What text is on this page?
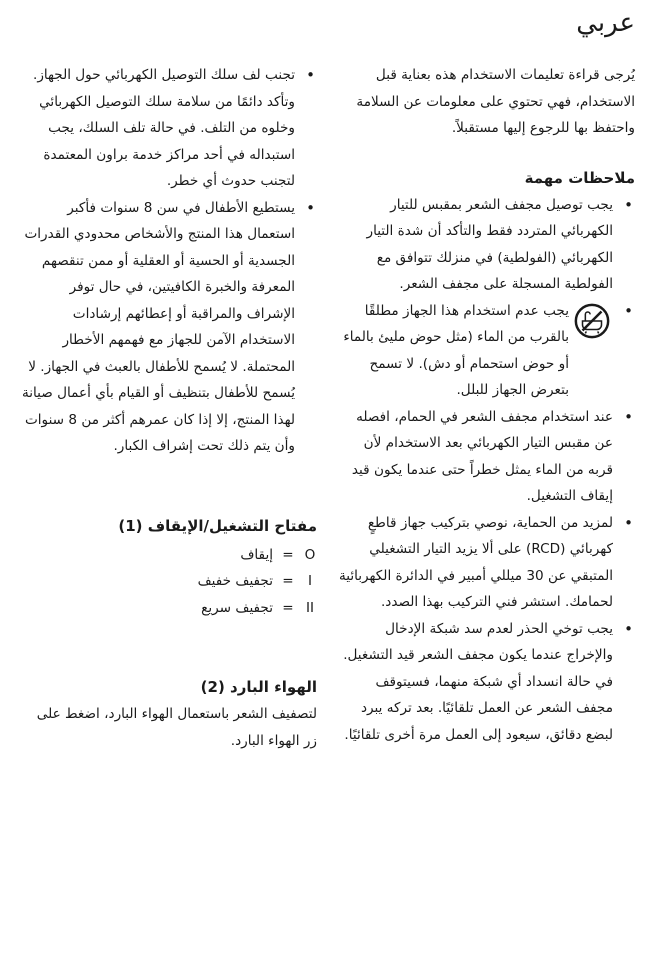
عربي

يُرجى قراءة تعليمات الاستخدام هذه بعناية قبل الاستخدام، فهي تحتوي على معلومات عن السلامة واحتفظ بها للرجوع إليها مستقبلاً.

ملاحظات مهمة
• يجب توصيل مجفف الشعر بمقبس للتيار الكهربائي المتردد فقط والتأكد أن شدة التيار الكهربائي (الفولطية) في منزلك تتوافق مع الفولطية المسجلة على مجفف الشعر.
• يجب عدم استخدام هذا الجهاز مطلقًا بالقرب من الماء (مثل حوض مليئ بالماء أو حوض استحمام أو دش). لا تسمح بتعرض الجهاز للبلل.
• عند استخدام مجفف الشعر في الحمام، افصله عن مقبس التيار الكهربائي بعد الاستخدام لأن قربه من الماء يمثل خطراً حتى عندما يكون قيد إيقاف التشغيل.
• لمزيد من الحماية، نوصي بتركيب جهاز قاطعٍ كهربائي (RCD) على ألا يزيد التيار التشغيلي المتبقي عن 30 ميللي أمبير في الدائرة الكهربائية لحمامك. استشر فني التركيب بهذا الصدد.
• يجب توخي الحذر لعدم سد شبكة الإدخال والإخراج عندما يكون مجفف الشعر قيد التشغيل. في حالة انسداد أي شبكة منهما، فسيتوقف مجفف الشعر عن العمل تلقائيًا. بعد تركه يبرد لبضع دقائق، سيعود إلى العمل مرة أخرى تلقائيًا.
• تجنب لف سلك التوصيل الكهربائي حول الجهاز. وتأكد دائمًا من سلامة سلك التوصيل الكهربائي وخلوه من التلف. في حالة تلف السلك، يجب استبداله في أحد مراكز خدمة براون المعتمدة لتجنب حدوث أي خطر.
• يستطيع الأطفال في سن 8 سنوات فأكبر استعمال هذا المنتج والأشخاص محدودي القدرات الجسدية أو الحسية أو العقلية أو ممن تنقصهم المعرفة والخبرة الكافيتين، في حال توفر الإشراف والمراقبة أو إعطائهم إرشادات الاستخدام الآمن للجهاز مع فهمهم الأخطار المحتملة. لا يُسمح للأطفال بالعبث في الجهاز. لا يُسمح للأطفال بتنظيف أو القيام بأي أعمال صيانة لهذا المنتج، إلا إذا كان عمرهم أكثر من 8 سنوات وأن يتم ذلك تحت إشراف الكبار.
مفتاح التشغيل/الإيقاف (1)
O
=
إيقاف
I
=
تجفيف خفيف
II
=
تجفيف سريع
الهواء البارد (2)

لتصفيف الشعر باستعمال الهواء البارد، اضغط على زر الهواء البارد.
